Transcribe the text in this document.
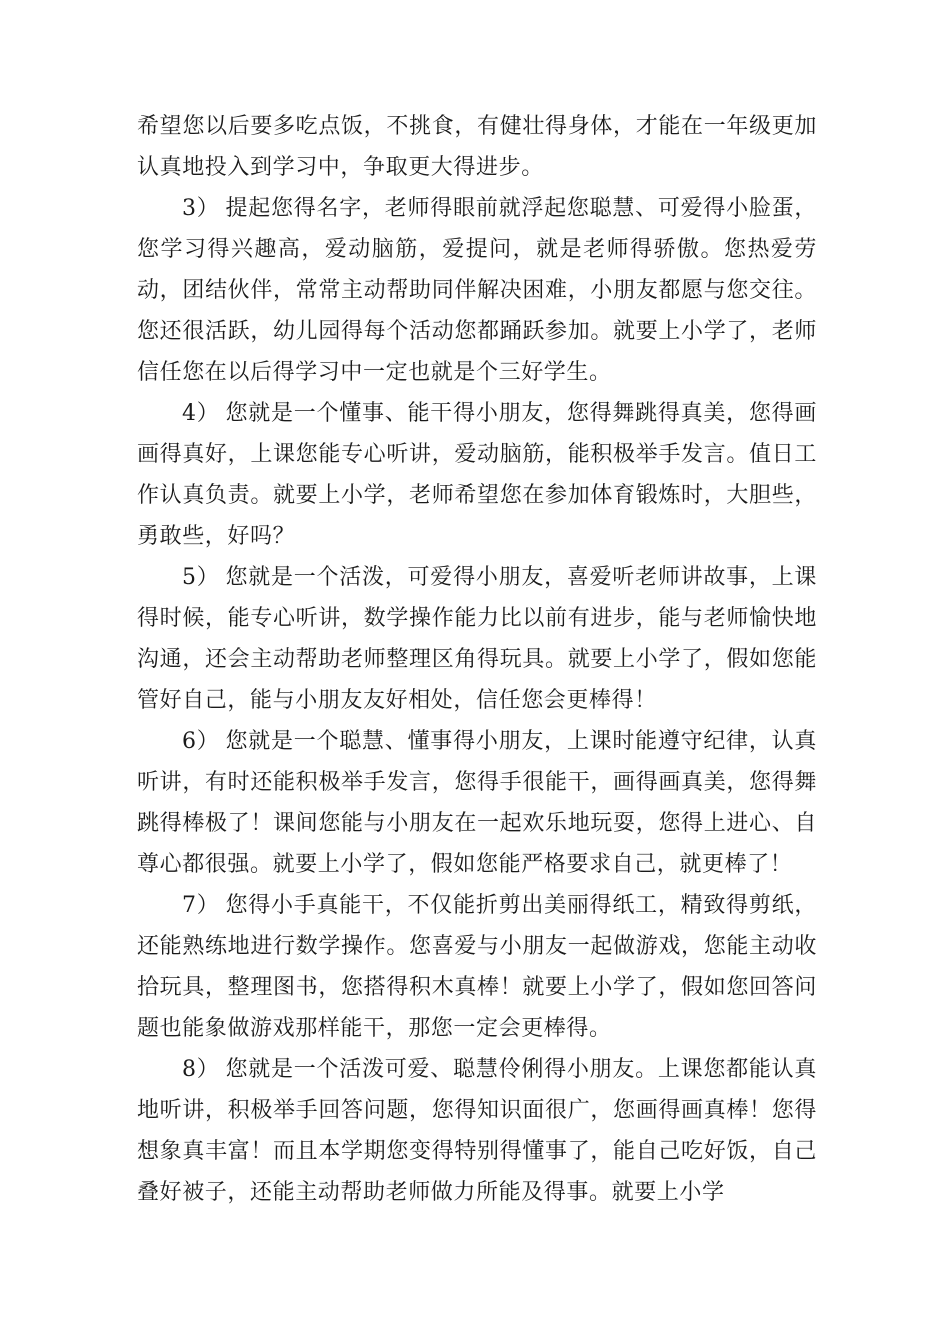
希望您以后要多吃点饭，不挑食，有健壮得身体，才能在一年级更加认真地投入到学习中，争取更大得进步。

3） 提起您得名字，老师得眼前就浮起您聪慧、可爱得小脸蛋，您学习得兴趣高，爱动脑筋，爱提问，就是老师得骄傲。您热爱劳动，团结伙伴，常常主动帮助同伴解决困难，小朋友都愿与您交往。您还很活跃，幼儿园得每个活动您都踊跃参加。就要上小学了，老师信任您在以后得学习中一定也就是个三好学生。

4） 您就是一个懂事、能干得小朋友，您得舞跳得真美，您得画画得真好，上课您能专心听讲，爱动脑筋，能积极举手发言。值日工作认真负责。就要上小学，老师希望您在参加体育锻炼时，大胆些，勇敢些，好吗？

5） 您就是一个活泼，可爱得小朋友，喜爱听老师讲故事，上课得时候，能专心听讲，数学操作能力比以前有进步，能与老师愉快地沟通，还会主动帮助老师整理区角得玩具。就要上小学了，假如您能管好自己，能与小朋友友好相处，信任您会更棒得！

6） 您就是一个聪慧、懂事得小朋友，上课时能遵守纪律，认真听讲，有时还能积极举手发言，您得手很能干，画得画真美，您得舞跳得棒极了！课间您能与小朋友在一起欢乐地玩耍，您得上进心、自尊心都很强。就要上小学了，假如您能严格要求自己，就更棒了！

7） 您得小手真能干，不仅能折剪出美丽得纸工，精致得剪纸，还能熟练地进行数学操作。您喜爱与小朋友一起做游戏，您能主动收拾玩具，整理图书，您搭得积木真棒！就要上小学了，假如您回答问题也能象做游戏那样能干，那您一定会更棒得。

8） 您就是一个活泼可爱、聪慧伶俐得小朋友。上课您都能认真地听讲，积极举手回答问题，您得知识面很广，您画得画真棒！您得想象真丰富！而且本学期您变得特别得懂事了，能自己吃好饭，自己叠好被子，还能主动帮助老师做力所能及得事。就要上小学
